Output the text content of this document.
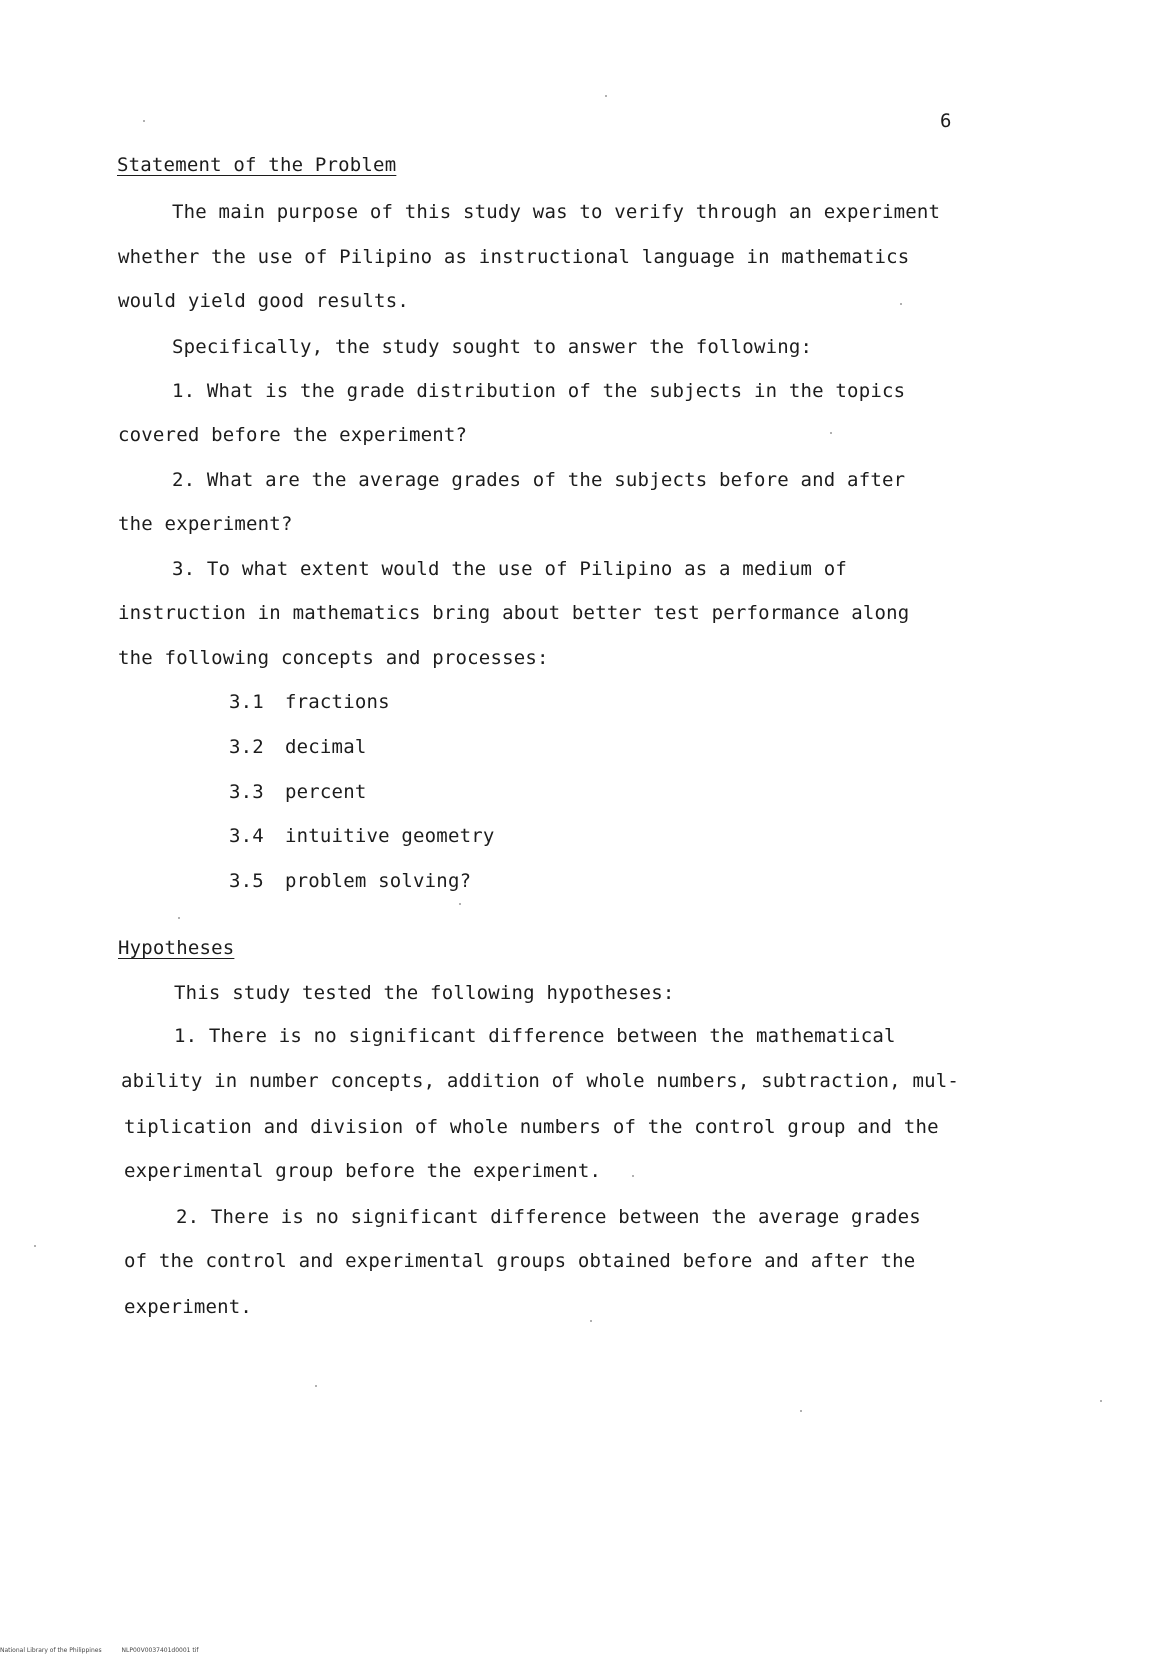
6
Statement of the Problem
The main purpose of this study was to verify through an experiment
whether the use of Pilipino as instructional language in mathematics
would yield good results.
Specifically, the study sought to answer the following:
1. What is the grade distribution of the subjects in the topics
covered before the experiment?
2. What are the average grades of the subjects before and after
the experiment?
3. To what extent would the use of Pilipino as a medium of
instruction in mathematics bring about better test performance along
the following concepts and processes:
3.1 fractions
3.2 decimal
3.3 percent
3.4 intuitive geometry
3.5 problem solving?
Hypotheses
This study tested the following hypotheses:
1. There is no significant difference between the mathematical
ability in number concepts, addition of whole numbers, subtraction, mul-
tiplication and division of whole numbers of the control group and the
experimental group before the experiment.
2. There is no significant difference between the average grades
of the control and experimental groups obtained before and after the
experiment.
National Library of the Philippines	NLP00V0037401d0001 tif
